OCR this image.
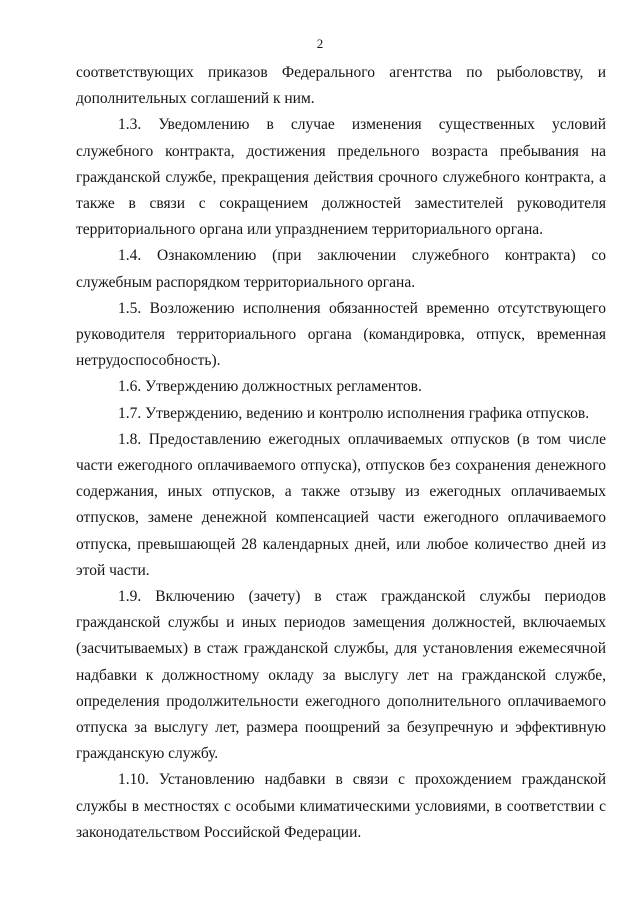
2

соответствующих приказов Федерального агентства по рыболовству, и дополнительных соглашений к ним.

1.3. Уведомлению в случае изменения существенных условий служебного контракта, достижения предельного возраста пребывания на гражданской службе, прекращения действия срочного служебного контракта, а также в связи с сокращением должностей заместителей руководителя территориального органа или упразднением территориального органа.

1.4. Ознакомлению (при заключении служебного контракта) со служебным распорядком территориального органа.

1.5. Возложению исполнения обязанностей временно отсутствующего руководителя территориального органа (командировка, отпуск, временная нетрудоспособность).

1.6. Утверждению должностных регламентов.

1.7. Утверждению, ведению и контролю исполнения графика отпусков.

1.8. Предоставлению ежегодных оплачиваемых отпусков (в том числе части ежегодного оплачиваемого отпуска), отпусков без сохранения денежного содержания, иных отпусков, а также отзыву из ежегодных оплачиваемых отпусков, замене денежной компенсацией части ежегодного оплачиваемого отпуска, превышающей 28 календарных дней, или любое количество дней из этой части.

1.9. Включению (зачету) в стаж гражданской службы периодов гражданской службы и иных периодов замещения должностей, включаемых (засчитываемых) в стаж гражданской службы, для установления ежемесячной надбавки к должностному окладу за выслугу лет на гражданской службе, определения продолжительности ежегодного дополнительного оплачиваемого отпуска за выслугу лет, размера поощрений за безупречную и эффективную гражданскую службу.

1.10. Установлению надбавки в связи с прохождением гражданской службы в местностях с особыми климатическими условиями, в соответствии с законодательством Российской Федерации.
